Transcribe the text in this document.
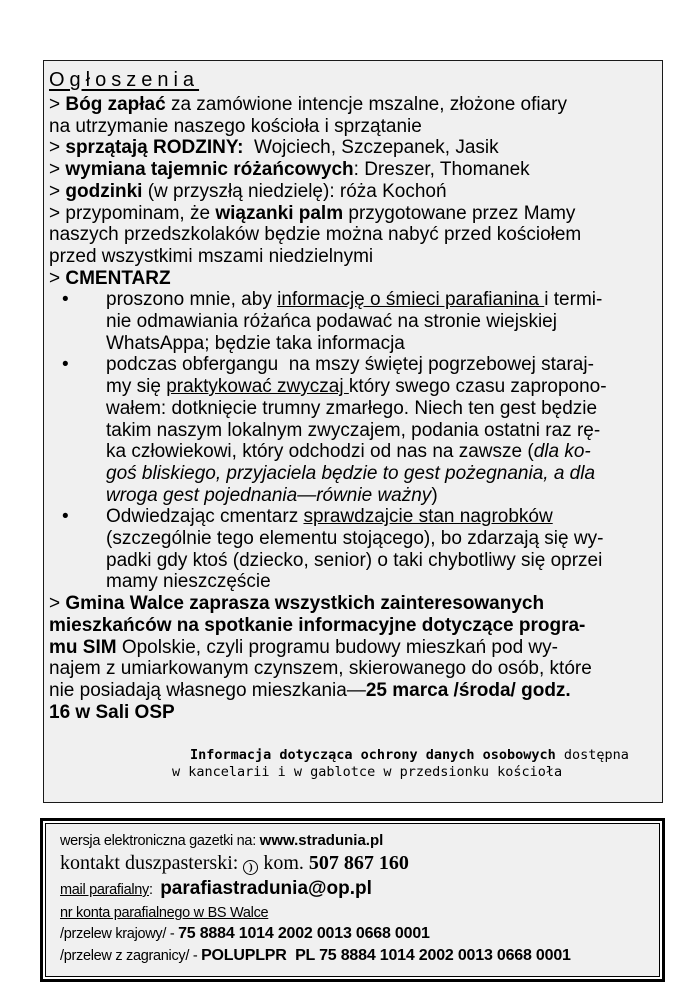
Ogłoszenia
> Bóg zapłać za zamówione intencje mszalne, złożone ofiary
na utrzymanie naszego kościoła i sprzątanie
> sprzątają RODZINY:  Wojciech, Szczepanek, Jasik
> wymiana tajemnic różańcowych: Dreszer, Thomanek
> godzinki (w przyszłą niedzielę): róża Kochoń
> przypominam, że wiązanki palm przygotowane przez Mamy
naszych przedszkolaków będzie można nabyć przed kościołem
przed wszystkimi mszami niedzielnymi
> CMENTARZ
• proszono mnie, aby informację o śmieci parafianina i termi-
nie odmawiania różańca podawać na stronie wiejskiej
WhatsAppa; będzie taka informacja
• podczas obfergangu  na mszy świętej pogrzebowej staraj-
my się praktykować zwyczaj który swego czasu zapropono-
wałem: dotknięcie trumny zmarłego. Niech ten gest będzie
takim naszym lokalnym zwyczajem, podania ostatni raz rę-
ka człowiekowi, który odchodzi od nas na zawsze (dla ko-
goś bliskiego, przyjaciela będzie to gest pożegnania, a dla
wroga gest pojednania—równie ważny)
• Odwiedzając cmentarz sprawdzajcie stan nagrobków
(szczególnie tego elementu stojącego), bo zdarzają się wy-
padki gdy ktoś (dziecko, senior) o taki chybotliwy się oprzei
mamy nieszczęście
> Gmina Walce zaprasza wszystkich zainteresowanych
mieszkańców na spotkanie informacyjne dotyczące progra-
mu SIM Opolskie, czyli programu budowy mieszkań pod wy-
najem z umiarkowanym czynszem, skierowanego do osób, które
nie posiadają własnego mieszkania—25 marca /środa/ godz.
16 w Sali OSP
Informacja dotycząca ochrony danych osobowych dostępna
w kancelarii i w gablotce w przedsionku kościoła
wersja elektroniczna gazetki na: www.stradunia.pl
kontakt duszpasterski: ) kom. 507 867 160
mail parafialny:  parafiastradunia@op.pl
nr konta parafialnego w BS Walce
/przelew krajowy/ - 75 8884 1014 2002 0013 0668 0001
/przelew z zagranicy/ - POLUPLPR  PL 75 8884 1014 2002 0013 0668 0001
